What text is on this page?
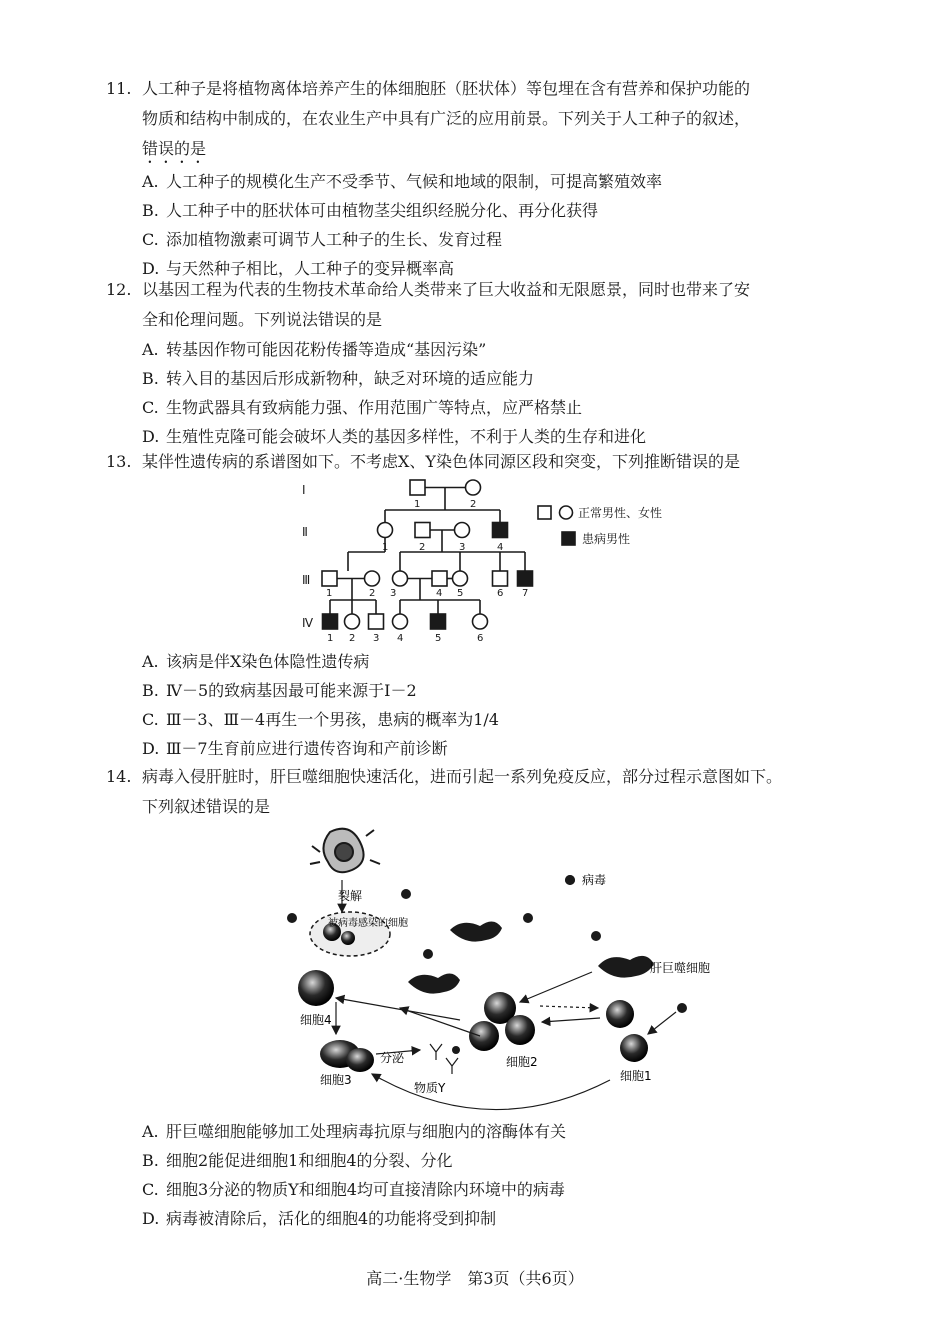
11. 人工种子是将植物离体培养产生的体细胞胚（胚状体）等包埋在含有营养和保护功能的
物质和结构中制成的，在农业生产中具有广泛的应用前景。下列关于人工种子的叙述，
错误的是

A. 人工种子的规模化生产不受季节、气候和地域的限制，可提高繁殖效率

B. 人工种子中的胚状体可由植物茎尖组织经脱分化、再分化获得

C. 添加植物激素可调节人工种子的生长、发育过程

D. 与天然种子相比，人工种子的变异概率高

12. 以基因工程为代表的生物技术革命给人类带来了巨大收益和无限愿景，同时也带来了安
全和伦理问题。下列说法错误的是

A. 转基因作物可能因花粉传播等造成“基因污染”

B. 转入目的基因后形成新物种，缺乏对环境的适应能力

C. 生物武器具有致病能力强、作用范围广等特点，应严格禁止

D. 生殖性克隆可能会破坏人类的基因多样性，不利于人类的生存和进化

13. 某伴性遗传病的系谱图如下。不考虑X、Y染色体同源区段和突变，下列推断错误的是

Ⅰ
Ⅱ
Ⅲ
Ⅳ
1	2
1	2	3	4
1	2 3	4 5	6 7
1 2 3 4	5	6
正常男性、女性
患病男性

A. 该病是伴X染色体隐性遗传病

B. Ⅳ－5的致病基因最可能来源于Ⅰ－2

C. Ⅲ－3、Ⅲ－4再生一个男孩，患病的概率为1/4

D. Ⅲ－7生育前应进行遗传咨询和产前诊断

14. 病毒入侵肝脏时，肝巨噬细胞快速活化，进而引起一系列免疫反应，部分过程示意图如下。
下列叙述错误的是

裂解
被病毒感染的细胞
病毒
肝巨噬细胞
细胞4
细胞2
细胞1
细胞3
分泌
物质Y

A. 肝巨噬细胞能够加工处理病毒抗原与细胞内的溶酶体有关

B. 细胞2能促进细胞1和细胞4的分裂、分化

C. 细胞3分泌的物质Y和细胞4均可直接清除内环境中的病毒

D. 病毒被清除后，活化的细胞4的功能将受到抑制

高二·生物学　第3页（共6页）
